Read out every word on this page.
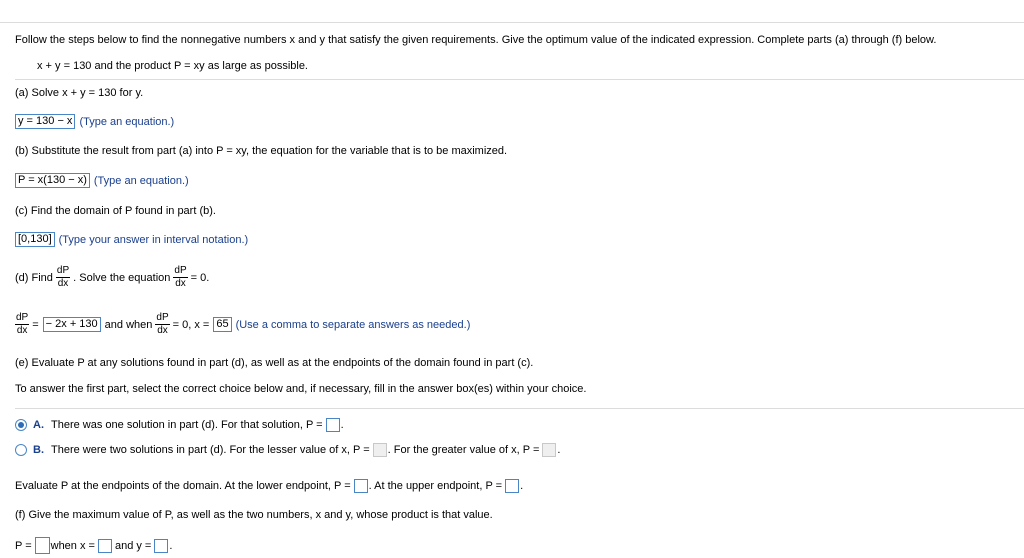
Follow the steps below to find the nonnegative numbers x and y that satisfy the given requirements. Give the optimum value of the indicated expression. Complete parts (a) through (f) below.
x + y = 130 and the product P = xy as large as possible.
(a) Solve x + y = 130 for y.
y = 130 − x (Type an equation.)
(b) Substitute the result from part (a) into P = xy, the equation for the variable that is to be maximized.
P = x(130 − x) (Type an equation.)
(c) Find the domain of P found in part (b).
[0,130] (Type your answer in interval notation.)
(d) Find $\frac{dP}{dx}$ . Solve the equation $\frac{dP}{dx} = 0$.
$\frac{dP}{dx}$ = − 2x + 130 and when $\frac{dP}{dx} = 0$, x = 65 (Use a comma to separate answers as needed.)
(e) Evaluate P at any solutions found in part (d), as well as at the endpoints of the domain found in part (c).
To answer the first part, select the correct choice below and, if necessary, fill in the answer box(es) within your choice.
A. There was one solution in part (d). For that solution, P = .
B. There were two solutions in part (d). For the lesser value of x, P = . For the greater value of x, P = .
Evaluate P at the endpoints of the domain. At the lower endpoint, P = . At the upper endpoint, P = .
(f) Give the maximum value of P, as well as the two numbers, x and y, whose product is that value.
P = when x = and y = .
